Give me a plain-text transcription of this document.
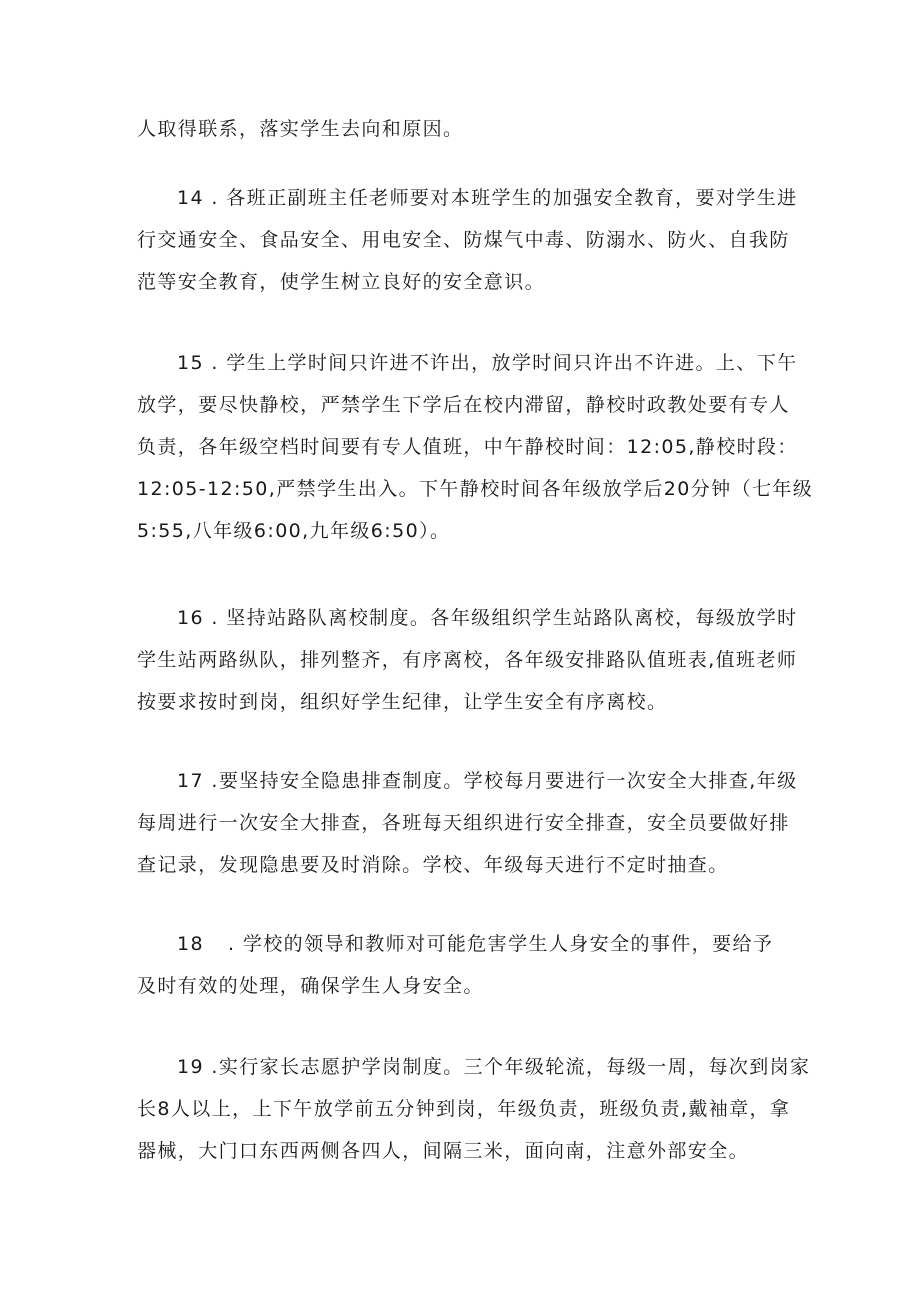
人取得联系，落实学生去向和原因。
14 . 各班正副班主任老师要对本班学生的加强安全教育，要对学生进
行交通安全、食品安全、用电安全、防煤气中毒、防溺水、防火、自我防
范等安全教育，使学生树立良好的安全意识。
15 . 学生上学时间只许进不许出，放学时间只许出不许进。上、下午
放学，要尽快静校，严禁学生下学后在校内滞留，静校时政教处要有专人
负责，各年级空档时间要有专人值班，中午静校时间：12:05,静校时段：
12:05-12:50,严禁学生出入。下午静校时间各年级放学后20分钟（七年级
5:55,八年级6:00,九年级6:50）。
16 . 坚持站路队离校制度。各年级组织学生站路队离校，每级放学时
学生站两路纵队，排列整齐，有序离校，各年级安排路队值班表,值班老师
按要求按时到岗，组织好学生纪律，让学生安全有序离校。
17 .要坚持安全隐患排查制度。学校每月要进行一次安全大排查,年级
每周进行一次安全大排查，各班每天组织进行安全排查，安全员要做好排
查记录，发现隐患要及时消除。学校、年级每天进行不定时抽查。
18 . 学校的领导和教师对可能危害学生人身安全的事件，要给予
及时有效的处理，确保学生人身安全。
19 .实行家长志愿护学岗制度。三个年级轮流，每级一周，每次到岗家
长8人以上，上下午放学前五分钟到岗，年级负责，班级负责,戴袖章，拿
器械，大门口东西两侧各四人，间隔三米，面向南，注意外部安全。
